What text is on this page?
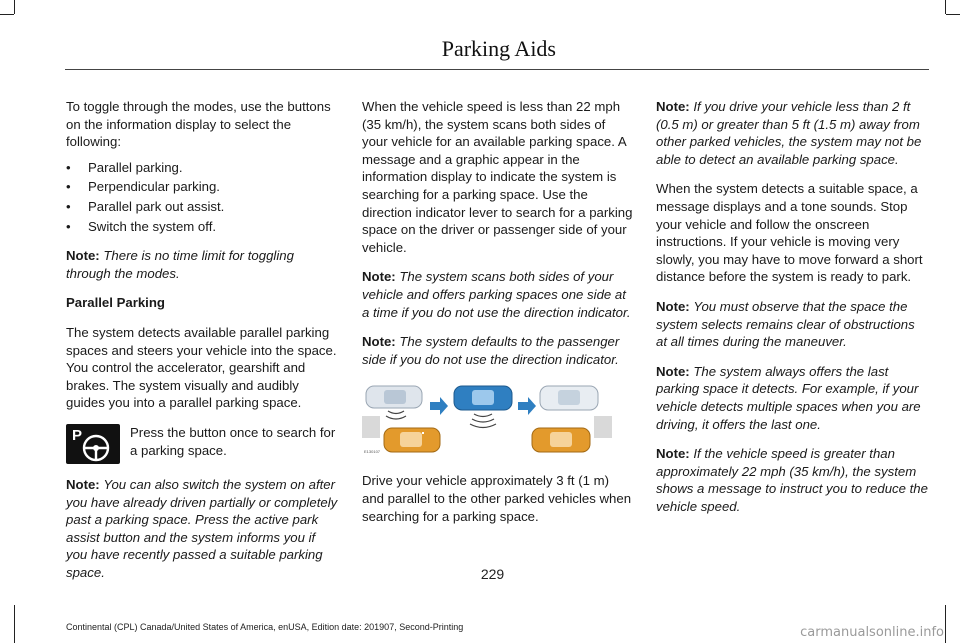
Parking Aids

To toggle through the modes, use the buttons on the information display to select the following:

• Parallel parking.
• Perpendicular parking.
• Parallel park out assist.
• Switch the system off.

Note: There is no time limit for toggling through the modes.

Parallel Parking

The system detects available parallel parking spaces and steers your vehicle into the space. You control the accelerator, gearshift and brakes. The system visually and audibly guides you into a parallel parking space.

P	Press the button once to search for a parking space.

Note: You can also switch the system on after you have already driven partially or completely past a parking space. Press the active park assist button and the system informs you if you have recently passed a suitable parking space.

When the vehicle speed is less than 22 mph (35 km/h), the system scans both sides of your vehicle for an available parking space. A message and a graphic appear in the information display to indicate the system is searching for a parking space. Use the direction indicator lever to search for a parking space on the driver or passenger side of your vehicle.

Note: The system scans both sides of your vehicle and offers parking spaces one side at a time if you do not use the direction indicator.

Note: The system defaults to the passenger side if you do not use the direction indicator.

E130107

Drive your vehicle approximately 3 ft (1 m) and parallel to the other parked vehicles when searching for a parking space.

Note: If you drive your vehicle less than 2 ft (0.5 m) or greater than 5 ft (1.5 m) away from other parked vehicles, the system may not be able to detect an available parking space.

When the system detects a suitable space, a message displays and a tone sounds. Stop your vehicle and follow the onscreen instructions. If your vehicle is moving very slowly, you may have to move forward a short distance before the system is ready to park.

Note: You must observe that the space the system selects remains clear of obstructions at all times during the maneuver.

Note: The system always offers the last parking space it detects. For example, if your vehicle detects multiple spaces when you are driving, it offers the last one.

Note: If the vehicle speed is greater than approximately 22 mph (35 km/h), the system shows a message to instruct you to reduce the vehicle speed.

229
Continental (CPL) Canada/United States of America, enUSA, Edition date: 201907, Second-Printing	carmanualsonline.info
